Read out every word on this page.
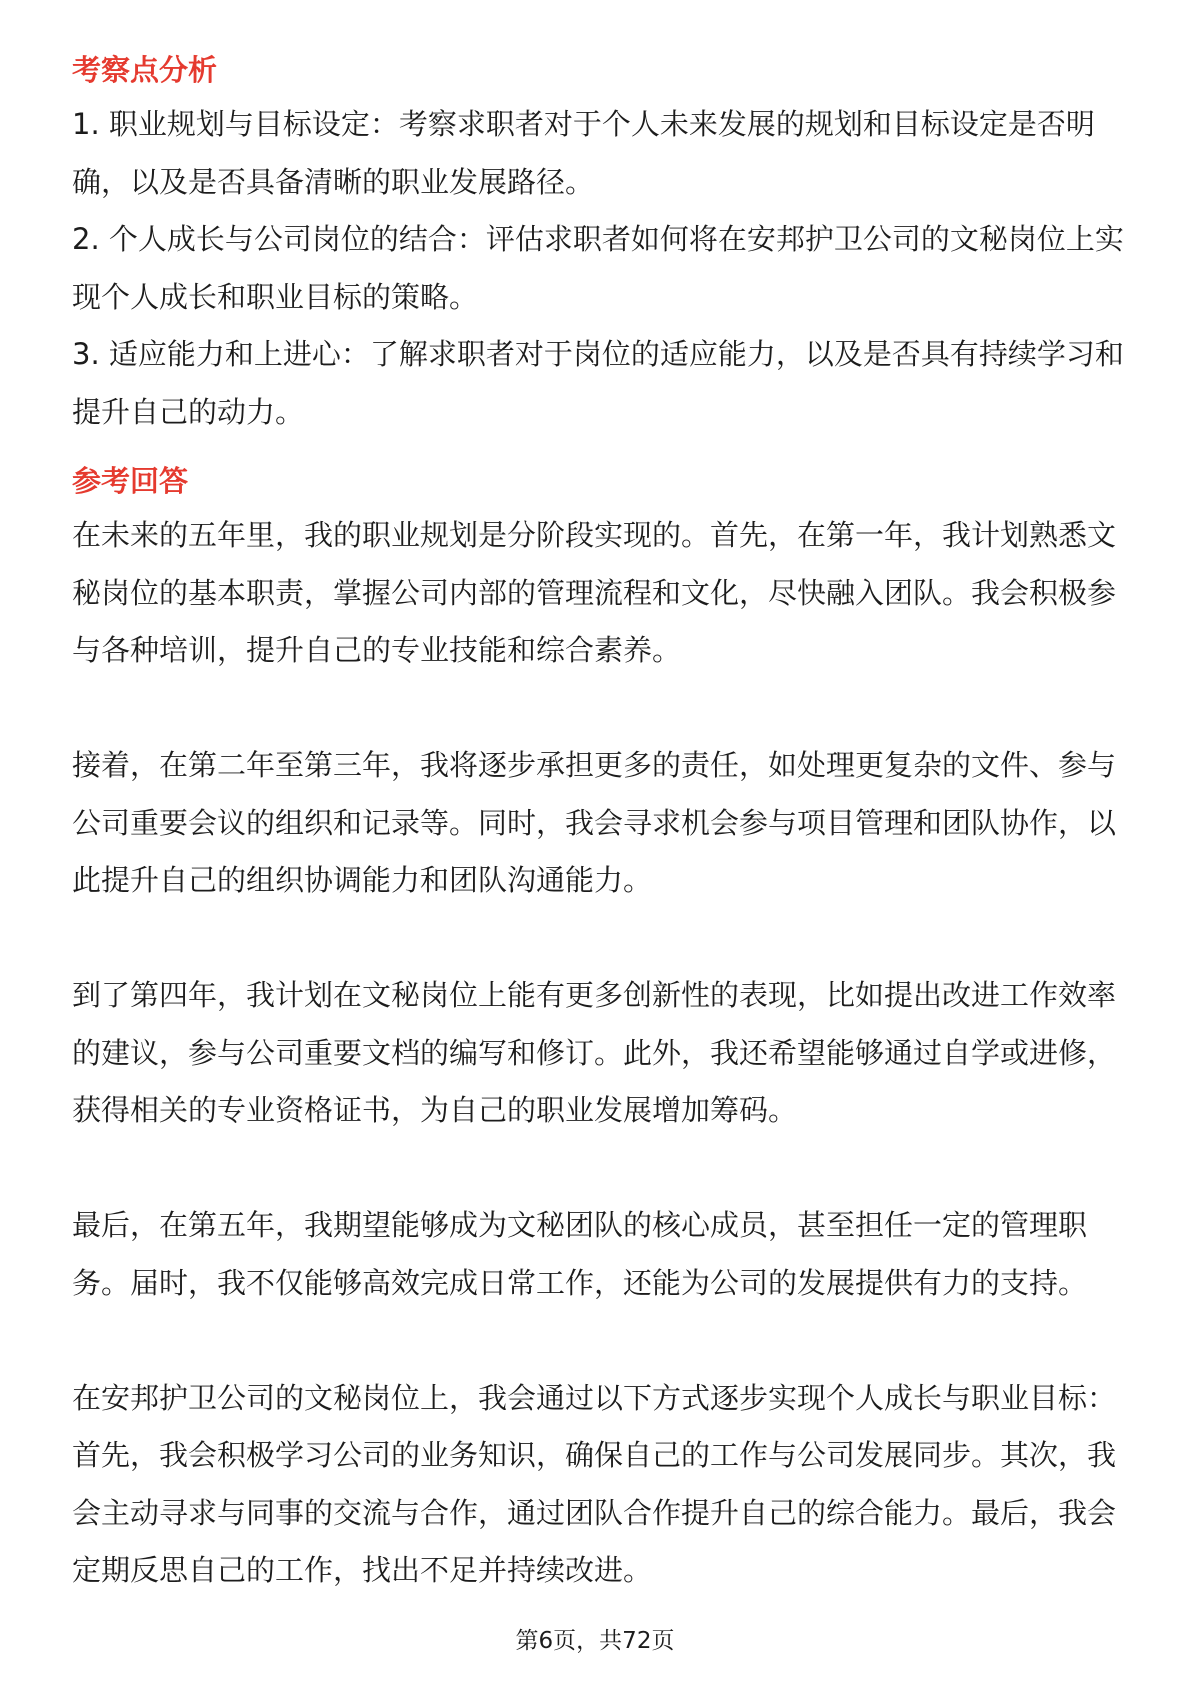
考察点分析
1. 职业规划与目标设定：考察求职者对于个人未来发展的规划和目标设定是否明
确，以及是否具备清晰的职业发展路径。
2. 个人成长与公司岗位的结合：评估求职者如何将在安邦护卫公司的文秘岗位上实
现个人成长和职业目标的策略。
3. 适应能力和上进心：了解求职者对于岗位的适应能力，以及是否具有持续学习和
提升自己的动力。
参考回答
在未来的五年里，我的职业规划是分阶段实现的。首先，在第一年，我计划熟悉文
秘岗位的基本职责，掌握公司内部的管理流程和文化，尽快融入团队。我会积极参
与各种培训，提升自己的专业技能和综合素养。
接着，在第二年至第三年，我将逐步承担更多的责任，如处理更复杂的文件、参与
公司重要会议的组织和记录等。同时，我会寻求机会参与项目管理和团队协作，以
此提升自己的组织协调能力和团队沟通能力。
到了第四年，我计划在文秘岗位上能有更多创新性的表现，比如提出改进工作效率
的建议，参与公司重要文档的编写和修订。此外，我还希望能够通过自学或进修，
获得相关的专业资格证书，为自己的职业发展增加筹码。
最后，在第五年，我期望能够成为文秘团队的核心成员，甚至担任一定的管理职
务。届时，我不仅能够高效完成日常工作，还能为公司的发展提供有力的支持。
在安邦护卫公司的文秘岗位上，我会通过以下方式逐步实现个人成长与职业目标：
首先，我会积极学习公司的业务知识，确保自己的工作与公司发展同步。其次，我
会主动寻求与同事的交流与合作，通过团队合作提升自己的综合能力。最后，我会
定期反思自己的工作，找出不足并持续改进。
第6页，共72页
